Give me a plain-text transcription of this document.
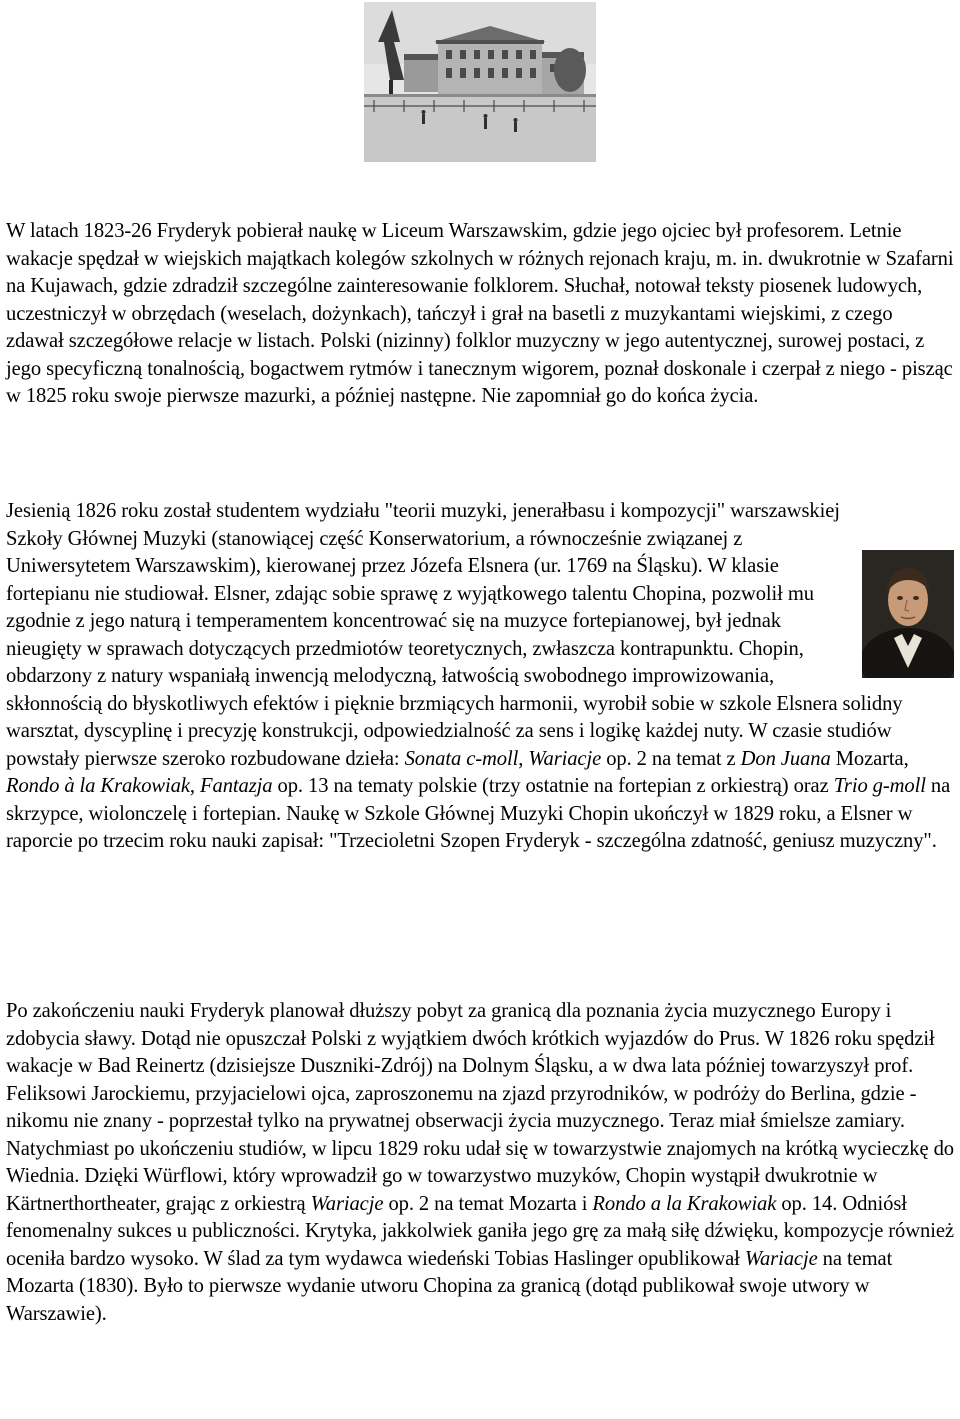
W latach 1823-26 Fryderyk pobierał naukę w Liceum Warszawskim, gdzie jego ojciec był profesorem. Letnie wakacje spędzał w wiejskich majątkach kolegów szkolnych w różnych rejonach kraju, m. in. dwukrotnie w Szafarni na Kujawach, gdzie zdradził szczególne zainteresowanie folklorem. Słuchał, notował teksty piosenek ludowych, uczestniczył w obrzędach (weselach, dożynkach), tańczył i grał na basetli z muzykantami wiejskimi, z czego zdawał szczegółowe relacje w listach. Polski (nizinny) folklor muzyczny w jego autentycznej, surowej postaci, z jego specyficzną tonalnością, bogactwem rytmów i tanecznym wigorem, poznał doskonale i czerpał z niego - pisząc w 1825 roku swoje pierwsze mazurki, a później następne. Nie zapomniał go do końca życia.

Jesienią 1826 roku został studentem wydziału "teorii muzyki, jenerałbasu i kompozycji" warszawskiej Szkoły Głównej Muzyki (stanowiącej część Konserwatorium, a równocześnie związanej z Uniwersytetem Warszawskim), kierowanej przez Józefa Elsnera (ur. 1769 na Śląsku). W klasie fortepianu nie studiował. Elsner, zdając sobie sprawę z wyjątkowego talentu Chopina, pozwolił mu zgodnie z jego naturą i temperamentem koncentrować się na muzyce fortepianowej, był jednak nieugięty w sprawach dotyczących przedmiotów teoretycznych, zwłaszcza kontrapunktu. Chopin, obdarzony z natury wspaniałą inwencją melodyczną, łatwością swobodnego improwizowania, skłonnością do błyskotliwych efektów i pięknie brzmiących harmonii, wyrobił sobie w szkole Elsnera solidny warsztat, dyscyplinę i precyzję konstrukcji, odpowiedzialność za sens i logikę każdej nuty. W czasie studiów powstały pierwsze szeroko rozbudowane dzieła: Sonata c-moll, Wariacje op. 2 na temat z Don Juana Mozarta, Rondo à la Krakowiak, Fantazja op. 13 na tematy polskie (trzy ostatnie na fortepian z orkiestrą) oraz Trio g-moll na skrzypce, wiolonczelę i fortepian. Naukę w Szkole Głównej Muzyki Chopin ukończył w 1829 roku, a Elsner w raporcie po trzecim roku nauki zapisał: "Trzecioletni Szopen Fryderyk - szczególna zdatność, geniusz muzyczny".

Po zakończeniu nauki Fryderyk planował dłuższy pobyt za granicą dla poznania życia muzycznego Europy i zdobycia sławy. Dotąd nie opuszczał Polski z wyjątkiem dwóch krótkich wyjazdów do Prus. W 1826 roku spędził wakacje w Bad Reinertz (dzisiejsze Duszniki-Zdrój) na Dolnym Śląsku, a w dwa lata później towarzyszył prof. Feliksowi Jarockiemu, przyjacielowi ojca, zaproszonemu na zjazd przyrodników, w podróży do Berlina, gdzie - nikomu nie znany - poprzestał tylko na prywatnej obserwacji życia muzycznego. Teraz miał śmielsze zamiary. Natychmiast po ukończeniu studiów, w lipcu 1829 roku udał się w towarzystwie znajomych na krótką wycieczkę do Wiednia. Dzięki Würflowi, który wprowadził go w towarzystwo muzyków, Chopin wystąpił dwukrotnie w Kärtnerthortheater, grając z orkiestrą Wariacje op. 2 na temat Mozarta i Rondo a la Krakowiak op. 14. Odniósł fenomenalny sukces u publiczności. Krytyka, jakkolwiek ganiła jego grę za małą siłę dźwięku, kompozycje również oceniła bardzo wysoko. W ślad za tym wydawca wiedeński Tobias Haslinger opublikował Wariacje na temat Mozarta (1830). Było to pierwsze wydanie utworu Chopina za granicą (dotąd publikował swoje utwory w Warszawie).
